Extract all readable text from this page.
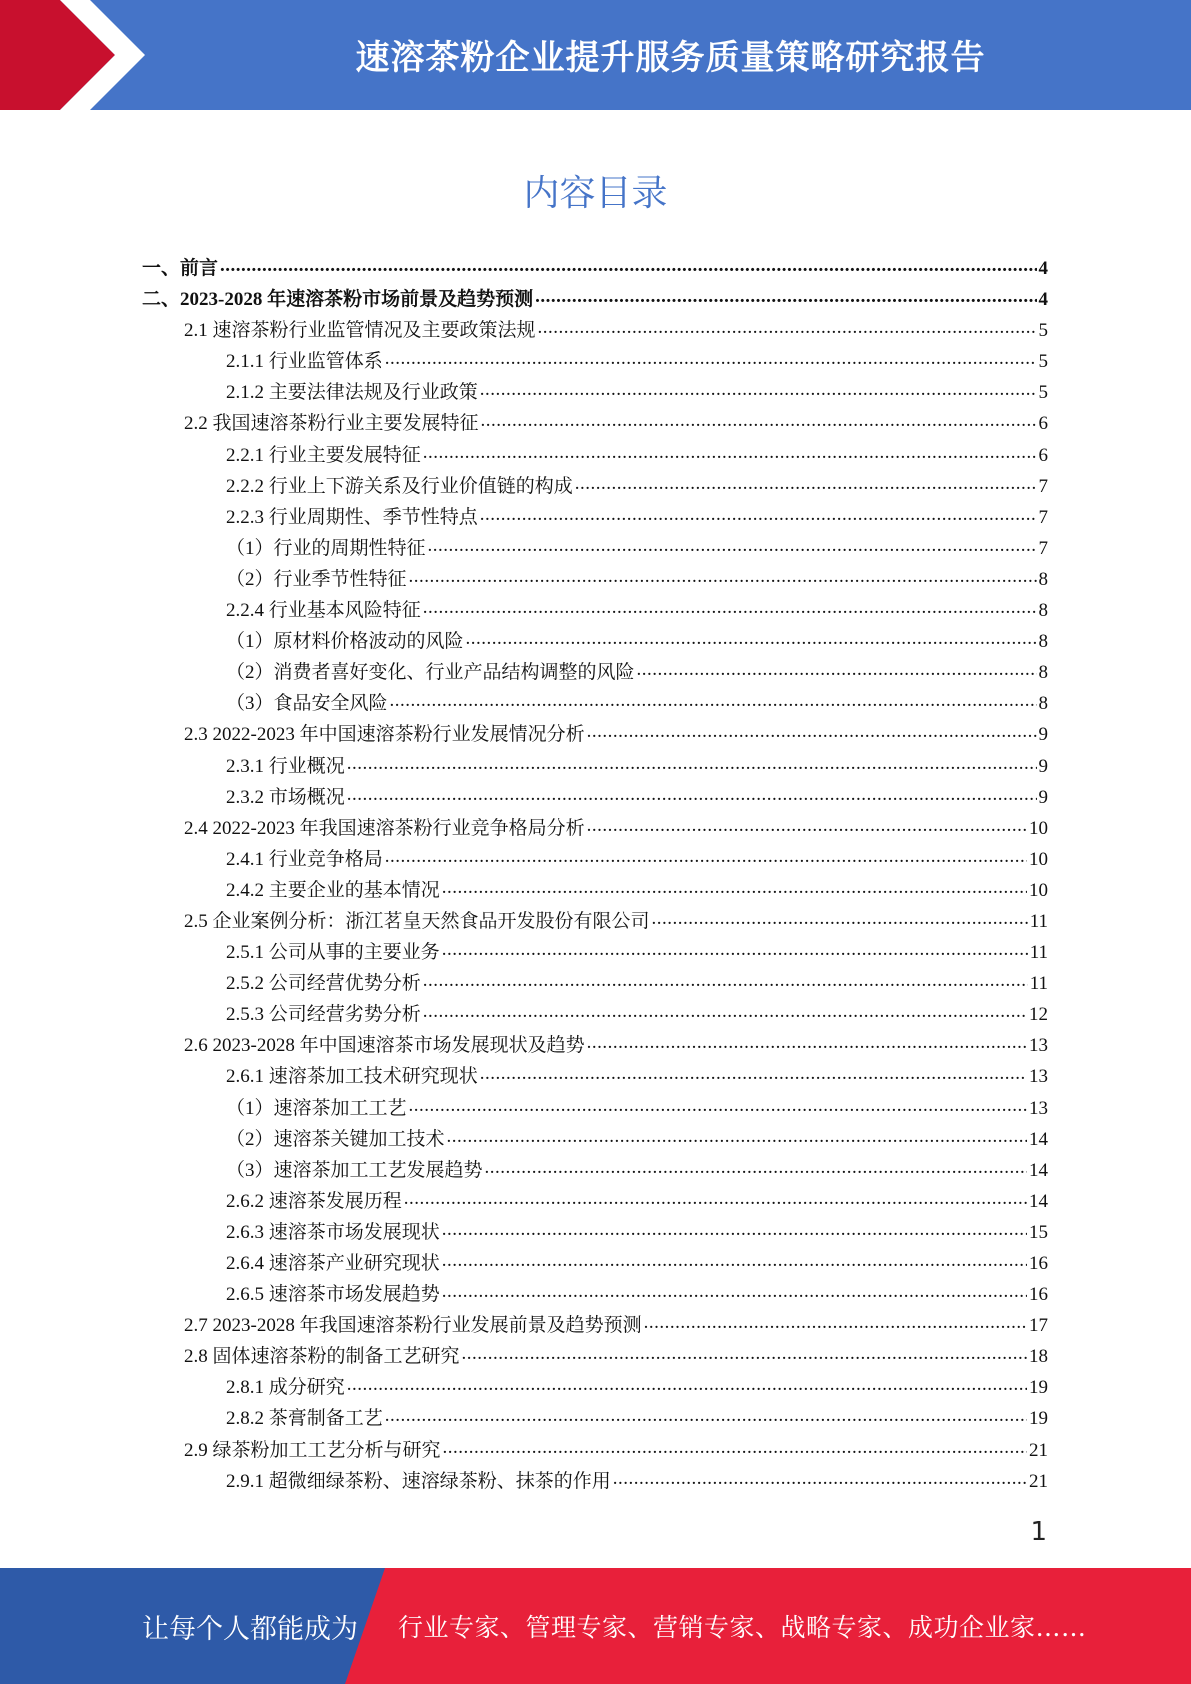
速溶茶粉企业提升服务质量策略研究报告
内容目录
一、前言 .....	4
二、2023-2028 年速溶茶粉市场前景及趋势预测 .....	4
2.1 速溶茶粉行业监管情况及主要政策法规 .....	5
2.1.1 行业监管体系 .....	5
2.1.2 主要法律法规及行业政策 .....	5
2.2 我国速溶茶粉行业主要发展特征 .....	6
2.2.1 行业主要发展特征 .....	6
2.2.2 行业上下游关系及行业价值链的构成 .....	7
2.2.3 行业周期性、季节性特点 .....	7
（1）行业的周期性特征 .....	7
（2）行业季节性特征 .....	8
2.2.4 行业基本风险特征 .....	8
（1）原材料价格波动的风险 .....	8
（2）消费者喜好变化、行业产品结构调整的风险 .....	8
（3）食品安全风险 .....	8
2.3 2022-2023 年中国速溶茶粉行业发展情况分析 .....	9
2.3.1 行业概况 .....	9
2.3.2 市场概况 .....	9
2.4 2022-2023 年我国速溶茶粉行业竞争格局分析 .....	10
2.4.1 行业竞争格局 .....	10
2.4.2 主要企业的基本情况 .....	10
2.5 企业案例分析：浙江茗皇天然食品开发股份有限公司 .....	11
2.5.1 公司从事的主要业务 .....	11
2.5.2 公司经营优势分析 .....	11
2.5.3 公司经营劣势分析 .....	12
2.6 2023-2028 年中国速溶茶市场发展现状及趋势 .....	13
2.6.1 速溶茶加工技术研究现状 .....	13
（1）速溶茶加工工艺 .....	13
（2）速溶茶关键加工技术 .....	14
（3）速溶茶加工工艺发展趋势 .....	14
2.6.2 速溶茶发展历程 .....	14
2.6.3 速溶茶市场发展现状 .....	15
2.6.4 速溶茶产业研究现状 .....	16
2.6.5 速溶茶市场发展趋势 .....	16
2.7 2023-2028 年我国速溶茶粉行业发展前景及趋势预测 .....	17
2.8 固体速溶茶粉的制备工艺研究 .....	18
2.8.1 成分研究 .....	19
2.8.2 茶膏制备工艺 .....	19
2.9 绿茶粉加工工艺分析与研究 .....	21
2.9.1 超微细绿茶粉、速溶绿茶粉、抹茶的作用 .....	21
1
让每个人都能成为 行业专家、管理专家、营销专家、战略专家、成功企业家……
